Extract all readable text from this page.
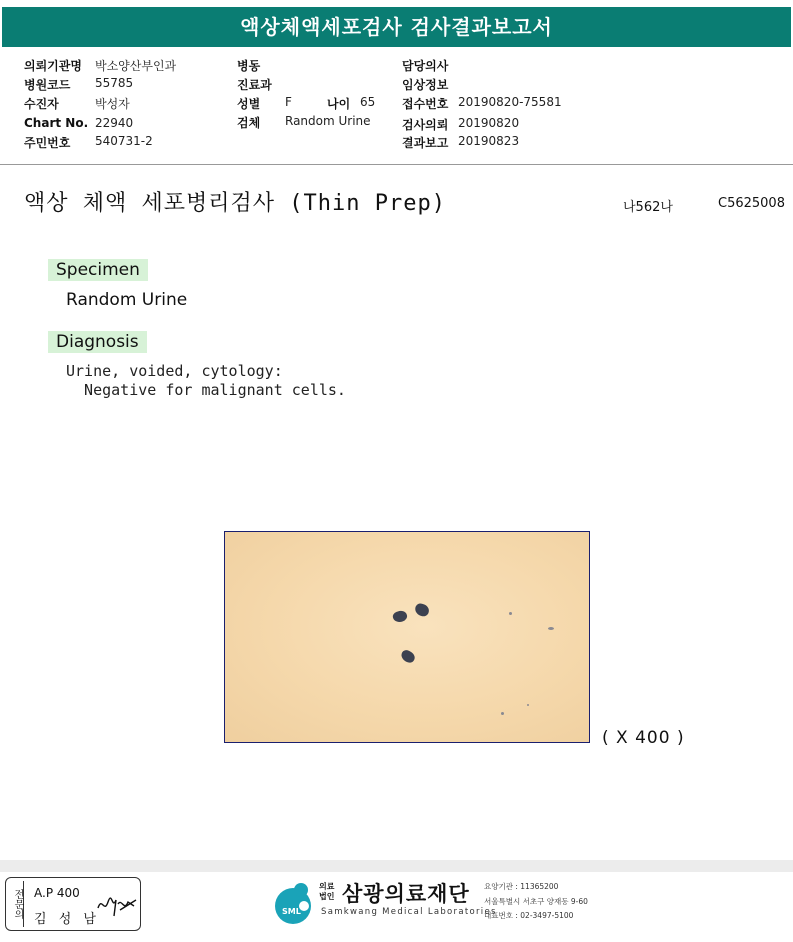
액상체액세포검사 검사결과보고서
의뢰기관명 박소양산부인과
병원코드 55785
수진자	박성자
Chart No. 22940
주민번호 540731-2
병동
진료과
성별 F	나이 65
검체 Random Urine
담당의사
임상정보
접수번호 20190820-75581
검사의뢰 20190820
결과보고 20190823
액상 체액 세포병리검사 (Thin Prep)	나562나	C5625008
Specimen
Random Urine
Diagnosis
Urine, voided, cytology:
Negative for malignant cells.
( X 400 )
전문의 A.P 400
김 성 남
SML
의료
법인 삼광의료재단
Samkwang Medical Laboratories
요양기관 : 11365200
서울특별시 서초구 양재동 9-60
대표번호 : 02-3497-5100
